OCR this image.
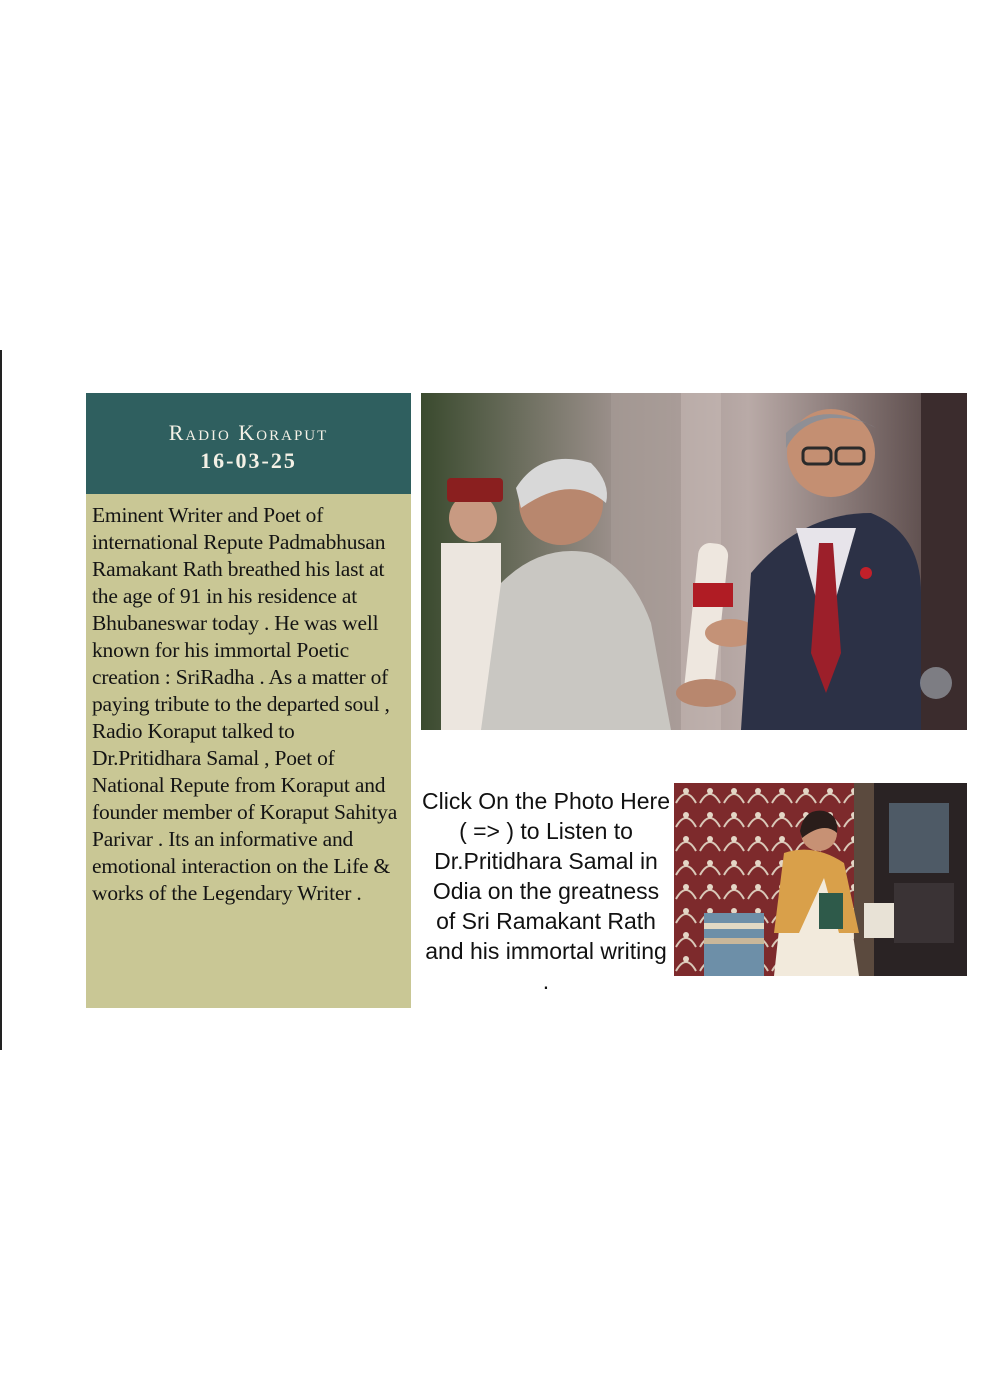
Radio Koraput
16-03-25
Eminent Writer and Poet of international Repute Padmabhusan Ramakant Rath breathed his last at the age of 91 in his residence at Bhubaneswar today . He was well known for his immortal Poetic creation : SriRadha . As a matter of paying tribute to the departed soul , Radio Koraput talked to Dr.Pritidhara Samal , Poet of National Repute from Koraput and founder member of Koraput Sahitya Parivar . Its an informative and emotional interaction on the Life & works of the Legendary Writer .
Click On the Photo Here ( => ) to Listen to Dr.Pritidhara Samal in Odia on the greatness of Sri Ramakant Rath and his immortal writing .
